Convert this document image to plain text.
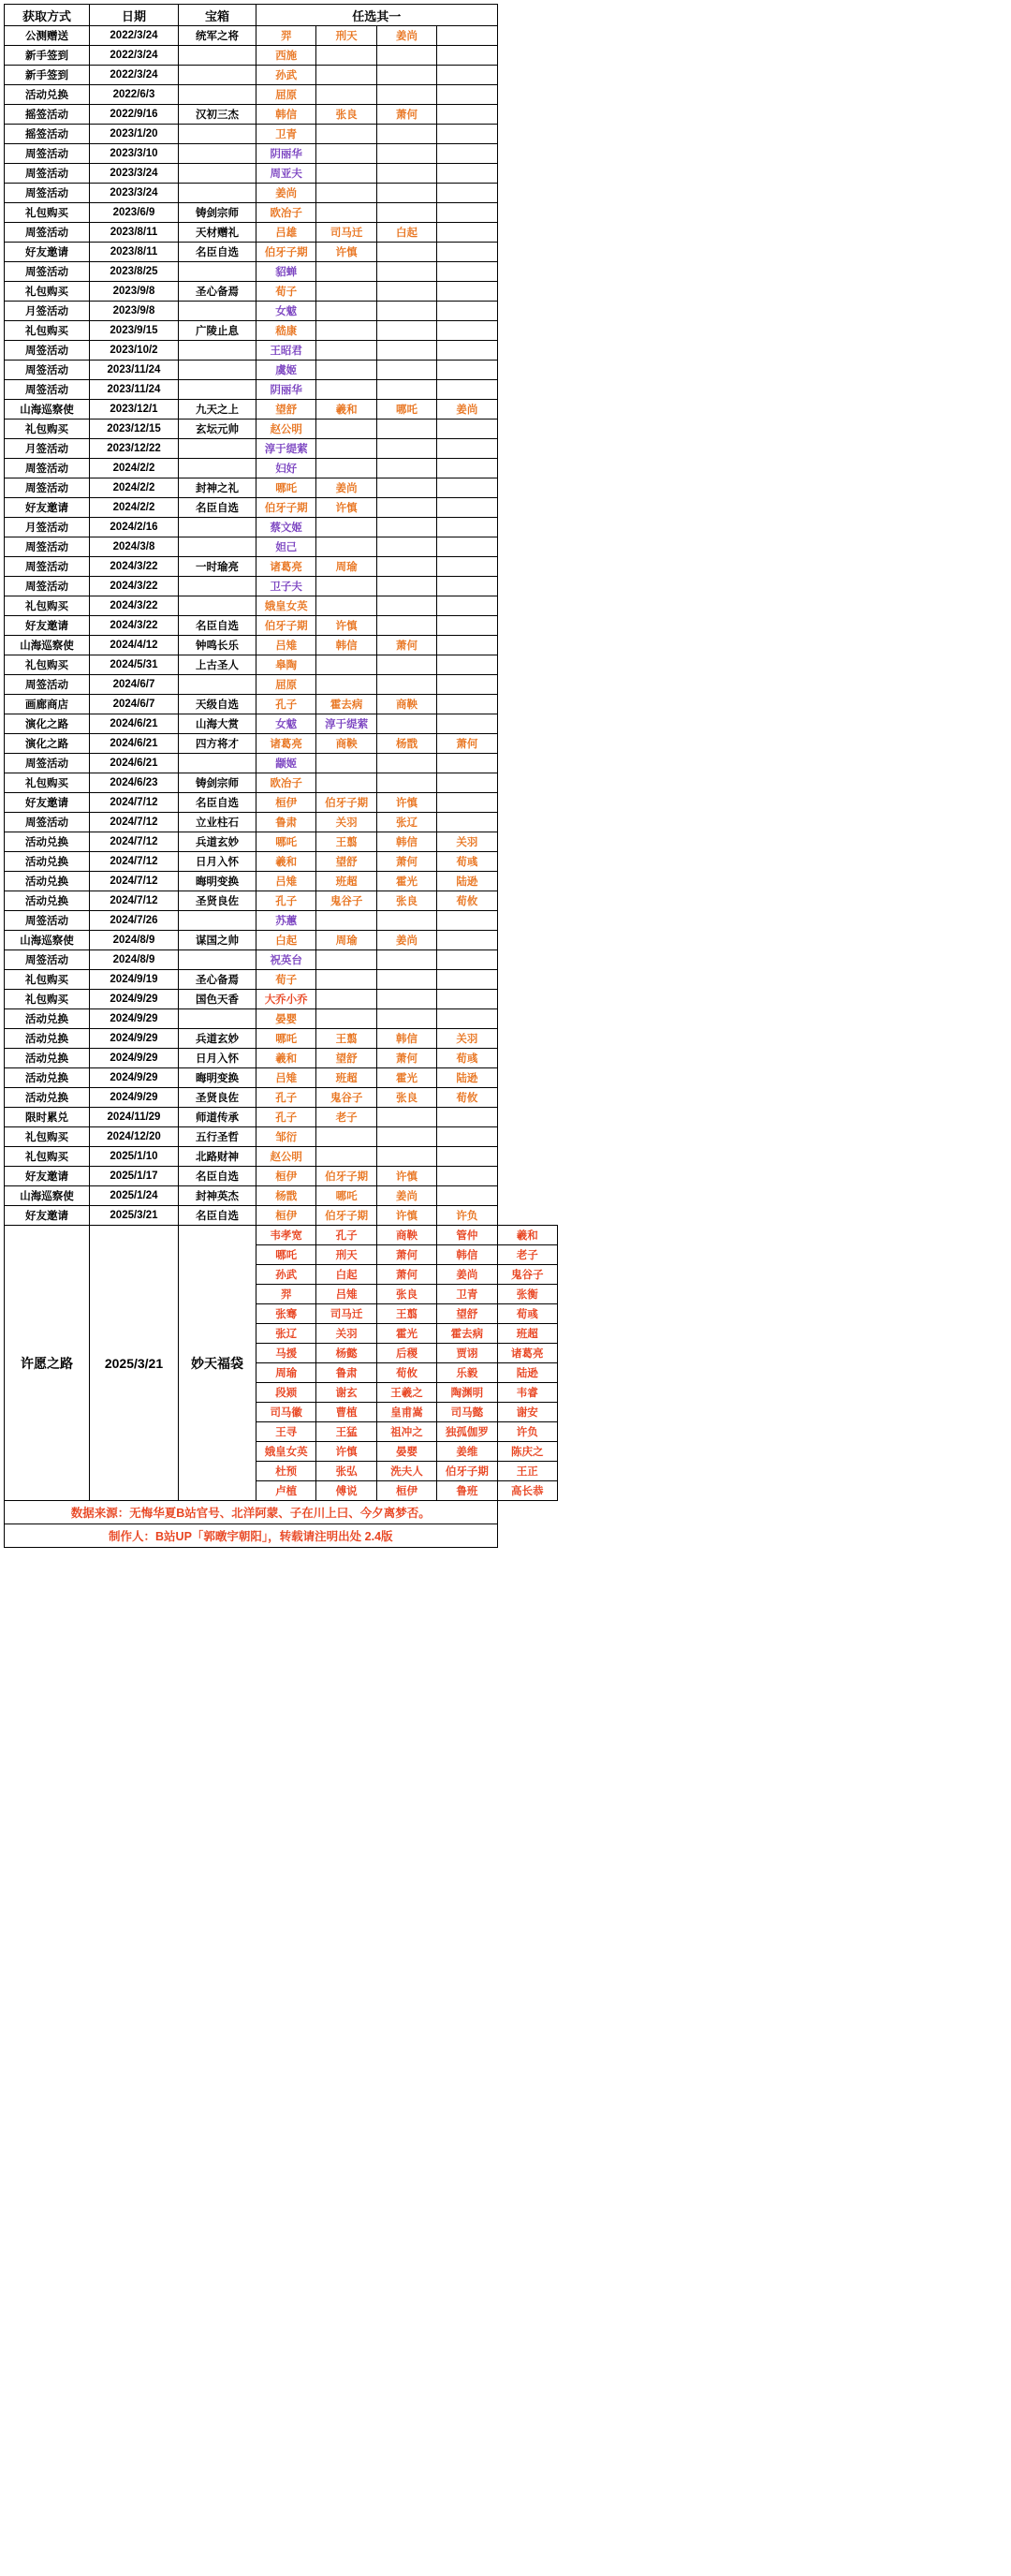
获取方式	日期	宝箱	任选其一				
公测赠送	2022/3/24	统军之将	羿	刑天	姜尚		
新手签到	2022/3/24		西施				
新手签到	2022/3/24		孙武				
活动兑换	2022/6/3		屈原				
摇签活动	2022/9/16	汉初三杰	韩信	张良	萧何		
摇签活动	2023/1/20		卫青				
周签活动	2023/3/10		阴丽华				
周签活动	2023/3/24		周亚夫				
周签活动	2023/3/24		姜尚				
礼包购买	2023/6/9	铸剑宗师	欧冶子				
周签活动	2023/8/11	天材赠礼	吕雄	司马迁	白起		
好友邀请	2023/8/11	名臣自选	伯牙子期	许慎			
周签活动	2023/8/25		貂蝉				
礼包购买	2023/9/8	圣心备焉	荀子				
月签活动	2023/9/8		女魃				
礼包购买	2023/9/15	广陵止息	嵇康				
周签活动	2023/10/2		王昭君				
周签活动	2023/11/24		虞姬				
周签活动	2023/11/24		阴丽华				
山海巡察使	2023/12/1	九天之上	望舒	羲和	哪吒	姜尚	
礼包购买	2023/12/15	玄坛元帅	赵公明				
月签活动	2023/12/22		淳于缇萦				
周签活动	2024/2/2		妇好				
周签活动	2024/2/2	封神之礼	哪吒	姜尚			
好友邀请	2024/2/2	名臣自选	伯牙子期	许慎			
月签活动	2024/2/16		蔡文姬				
周签活动	2024/3/8		妲己				
周签活动	2024/3/22	一时瑜亮	诸葛亮	周瑜			
周签活动	2024/3/22		卫子夫				
礼包购买	2024/3/22		娥皇女英				
好友邀请	2024/3/22	名臣自选	伯牙子期	许慎			
山海巡察使	2024/4/12	钟鸣长乐	吕雉	韩信	萧何		
礼包购买	2024/5/31	上古圣人	皋陶				
周签活动	2024/6/7		屈原				
画廊商店	2024/6/7	天级自选	孔子	霍去病	商鞅		
演化之路	2024/6/21	山海大赏	女魃	淳于缇萦			
演化之路	2024/6/21	四方将才	诸葛亮	商鞅	杨戬	萧何	
周签活动	2024/6/21		颛姬				
礼包购买	2024/6/23	铸剑宗师	欧冶子				
好友邀请	2024/7/12	名臣自选	桓伊	伯牙子期	许慎		
周签活动	2024/7/12	立业柱石	鲁肃	关羽	张辽		
活动兑换	2024/7/12	兵道玄妙	哪吒	王翦	韩信	关羽	
活动兑换	2024/7/12	日月入怀	羲和	望舒	萧何	荀彧	
活动兑换	2024/7/12	晦明变换	吕雉	班超	霍光	陆逊	
活动兑换	2024/7/12	圣贤良佐	孔子	鬼谷子	张良	荀攸	
周签活动	2024/7/26		苏蕙				
山海巡察使	2024/8/9	谋国之帅	白起	周瑜	姜尚		
周签活动	2024/8/9		祝英台				
礼包购买	2024/9/19	圣心备焉	荀子				
礼包购买	2024/9/29	国色天香	大乔小乔				
活动兑换	2024/9/29		晏婴				
活动兑换	2024/9/29	兵道玄妙	哪吒	王翦	韩信	关羽	
活动兑换	2024/9/29	日月入怀	羲和	望舒	萧何	荀彧	
活动兑换	2024/9/29	晦明变换	吕雉	班超	霍光	陆逊	
活动兑换	2024/9/29	圣贤良佐	孔子	鬼谷子	张良	荀攸	
限时累兑	2024/11/29	师道传承	孔子	老子			
礼包购买	2024/12/20	五行圣哲	邹衍				
礼包购买	2025/1/10	北路财神	赵公明				
好友邀请	2025/1/17	名臣自选	桓伊	伯牙子期	许慎		
山海巡察使	2025/1/24	封神英杰	杨戬	哪吒	姜尚		
好友邀请	2025/3/21	名臣自选	桓伊	伯牙子期	许慎	许负	
许愿之路	2025/3/21	妙天福袋	韦孝宽	孔子	商鞅	管仲	羲和
			哪吒	刑天	萧何	韩信	老子
			孙武	白起	萧何	姜尚	鬼谷子
			羿	吕雉	张良	卫青	张衡
			张骞	司马迁	王翦	望舒	荀彧
			张辽	关羽	霍光	霍去病	班超
			马援	杨懿	后稷	贾诩	诸葛亮
			周瑜	鲁肃	荀攸	乐毅	陆逊
			段颎	谢玄	王羲之	陶渊明	韦睿
			司马徽	曹植	皇甫嵩	司马懿	谢安
			王寻	王猛	祖冲之	独孤伽罗	许负
			娥皇女英	许慎	晏婴	姜维	陈庆之
			杜预	张弘	洗夫人	伯牙子期	王正
			卢植	傅说	桓伊	鲁班	高长恭
数据来源：无悔华夏B站官号、北洋阿蒙、子在川上曰、今夕离梦否。							
制作人：B站UP「郭暾宇朝阳」，转载请注明出处 2.4版							
